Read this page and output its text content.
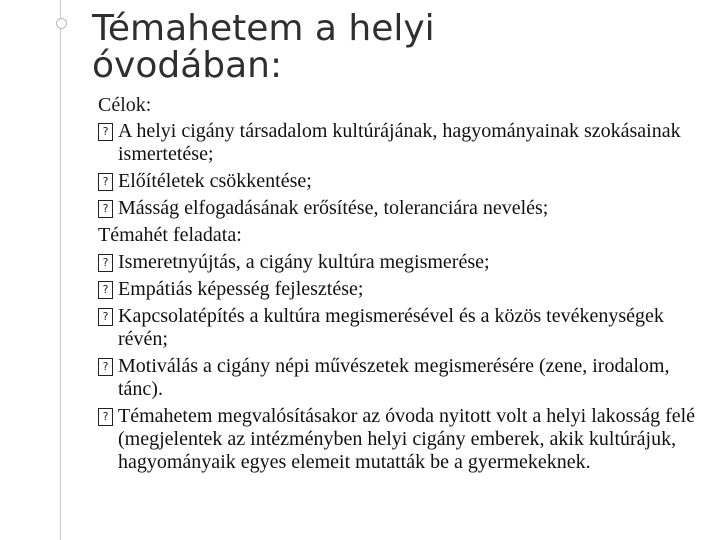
Témahetem a helyi
óvodában:
Célok:
? A helyi cigány társadalom kultúrájának, hagyományainak szokásainak ismertetése;
? Előítéletek csökkentése;
? Másság elfogadásának erősítése, toleranciára nevelés;
Témahét feladata:
? Ismeretnyújtás, a cigány kultúra megismerése;
? Empátiás képesség fejlesztése;
? Kapcsolatépítés a kultúra megismerésével és a közös tevékenységek révén;
? Motiválás a cigány népi művészetek megismerésére (zene, irodalom, tánc).
? Témahetem megvalósításakor az óvoda nyitott volt a helyi lakosság felé (megjelentek az intézményben helyi cigány emberek, akik kultúrájuk, hagyományaik egyes elemeit mutatták be a gyermekeknek.
